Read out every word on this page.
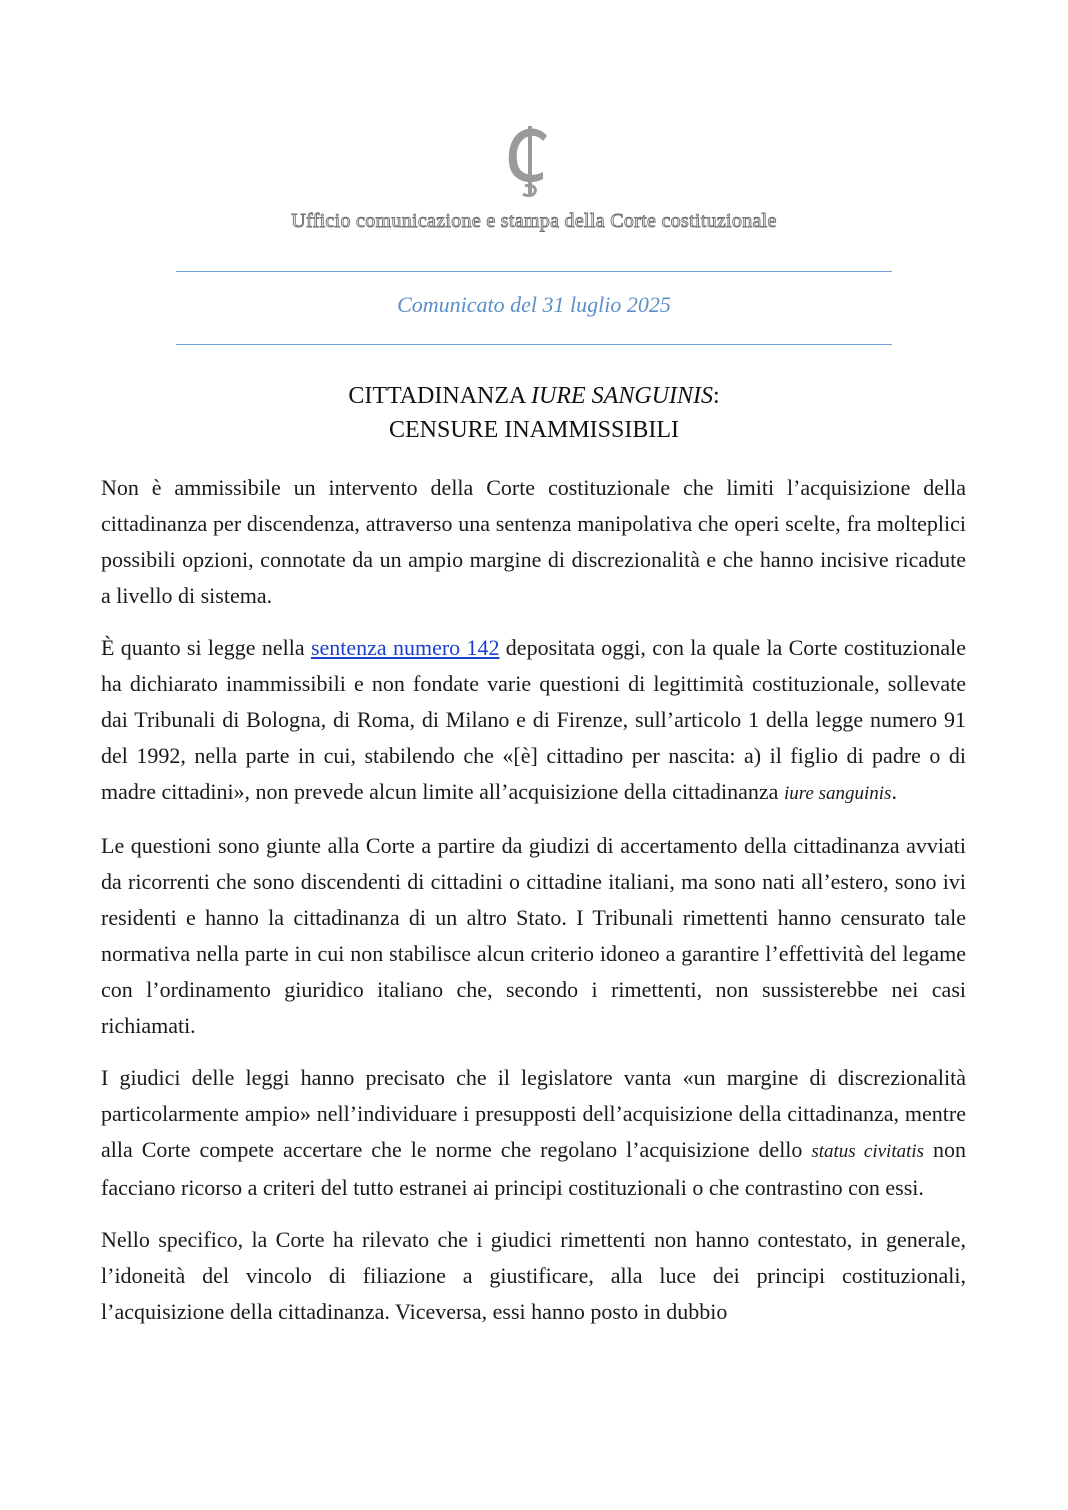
Ufficio comunicazione e stampa della Corte costituzionale
Comunicato del 31 luglio 2025
CITTADINANZA IURE SANGUINIS:
CENSURE INAMMISSIBILI

Non è ammissibile un intervento della Corte costituzionale che limiti l’acquisizione della cittadinanza per discendenza, attraverso una sentenza manipolativa che operi scelte, fra molteplici possibili opzioni, connotate da un ampio margine di discrezionalità e che hanno incisive ricadute a livello di sistema.

È quanto si legge nella sentenza numero 142 depositata oggi, con la quale la Corte costituzionale ha dichiarato inammissibili e non fondate varie questioni di legittimità costituzionale, sollevate dai Tribunali di Bologna, di Roma, di Milano e di Firenze, sull’articolo 1 della legge numero 91 del 1992, nella parte in cui, stabilendo che «[è] cittadino per nascita: a) il figlio di padre o di madre cittadini», non prevede alcun limite all’acquisizione della cittadinanza iure sanguinis.

Le questioni sono giunte alla Corte a partire da giudizi di accertamento della cittadinanza avviati da ricorrenti che sono discendenti di cittadini o cittadine italiani, ma sono nati all’estero, sono ivi residenti e hanno la cittadinanza di un altro Stato. I Tribunali rimettenti hanno censurato tale normativa nella parte in cui non stabilisce alcun criterio idoneo a garantire l’effettività del legame con l’ordinamento giuridico italiano che, secondo i rimettenti, non sussisterebbe nei casi richiamati.

I giudici delle leggi hanno precisato che il legislatore vanta «un margine di discrezionalità particolarmente ampio» nell’individuare i presupposti dell’acquisizione della cittadinanza, mentre alla Corte compete accertare che le norme che regolano l’acquisizione dello status civitatis non facciano ricorso a criteri del tutto estranei ai principi costituzionali o che contrastino con essi.

Nello specifico, la Corte ha rilevato che i giudici rimettenti non hanno contestato, in generale, l’idoneità del vincolo di filiazione a giustificare, alla luce dei principi costituzionali, l’acquisizione della cittadinanza. Viceversa, essi hanno posto in dubbio
